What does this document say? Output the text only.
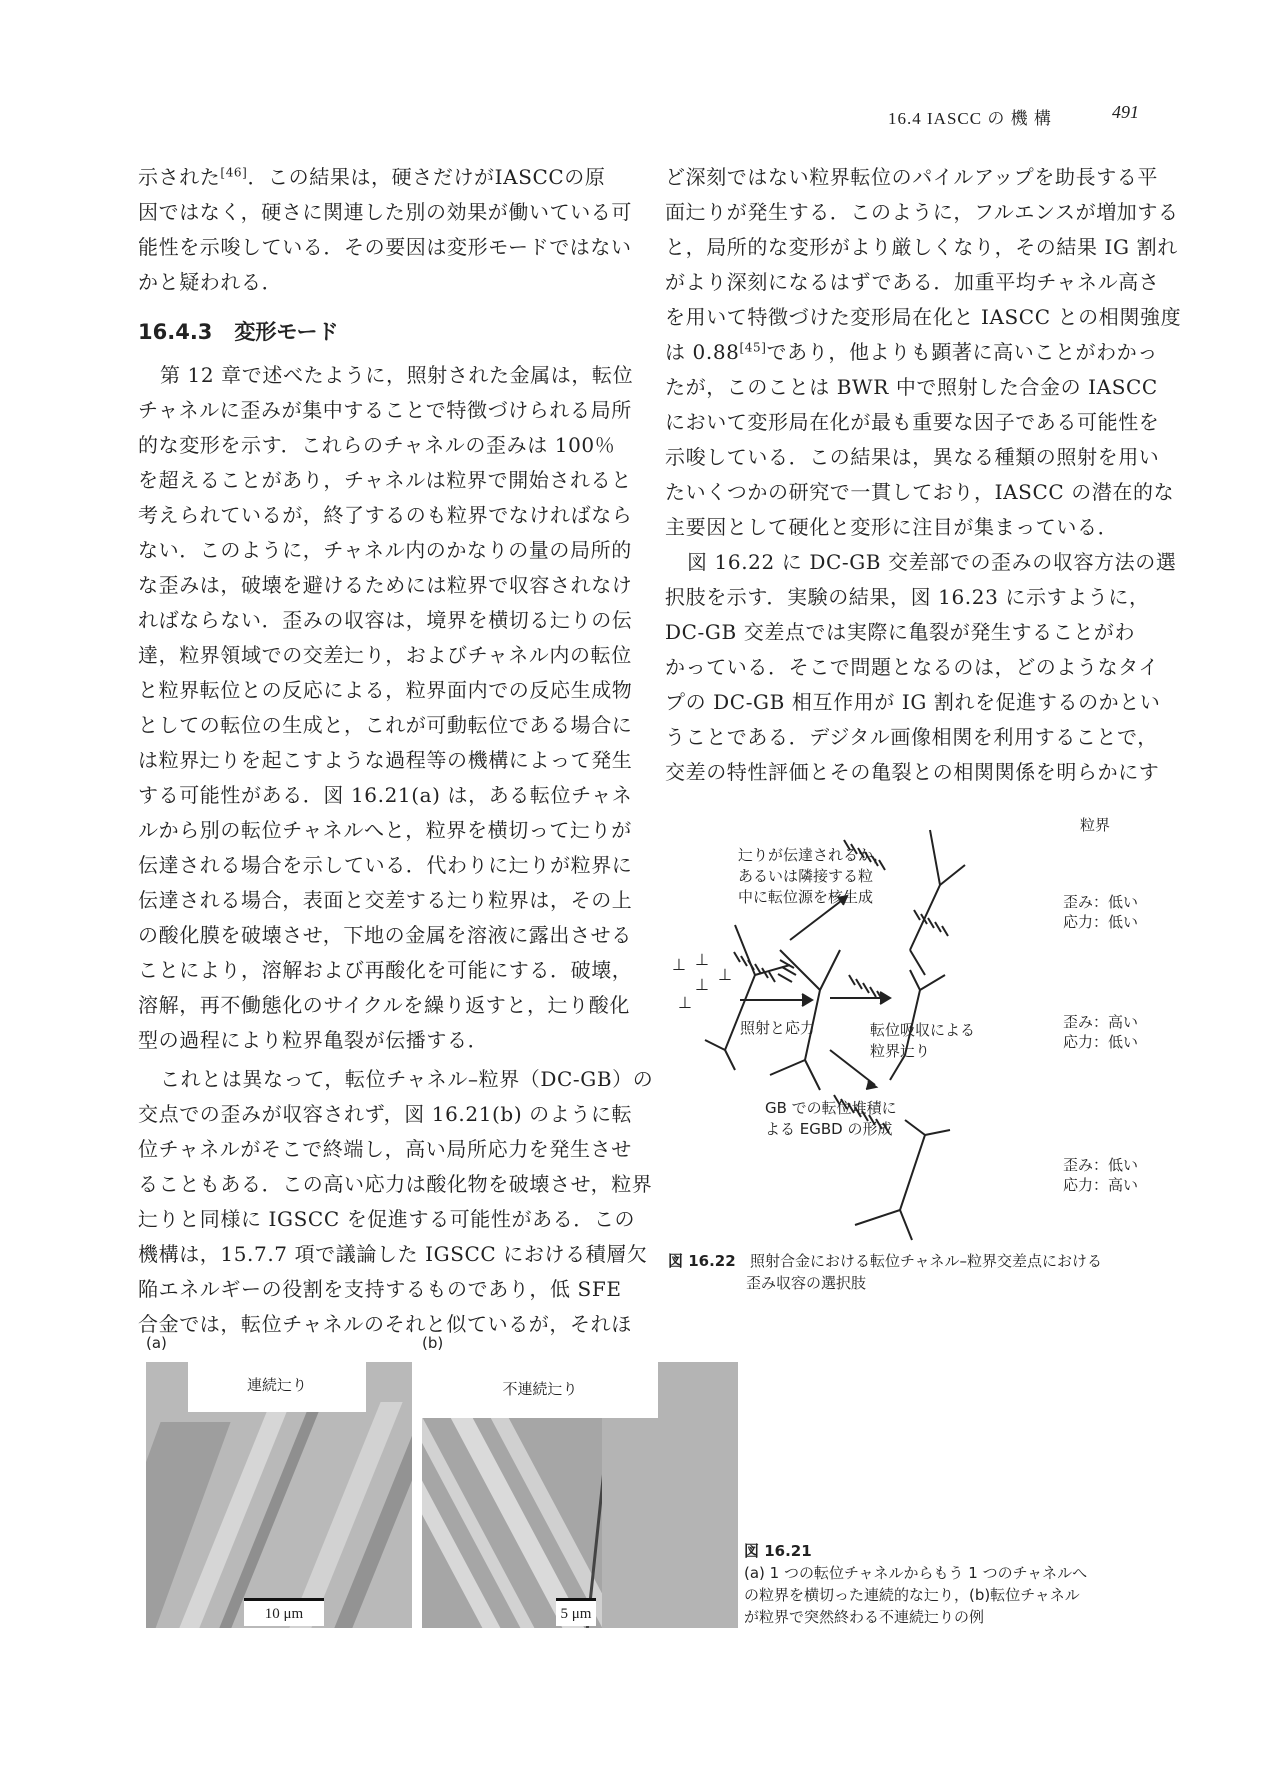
16.4 IASCC の 機 構	491
示された[46]．この結果は，硬さだけがIASCCの原
因ではなく，硬さに関連した別の効果が働いている可
能性を示唆している．その要因は変形モードではない
かと疑われる．
16.4.3 変形モード
第 12 章で述べたように，照射された金属は，転位
チャネルに歪みが集中することで特徴づけられる局所
的な変形を示す．これらのチャネルの歪みは 100％
を超えることがあり，チャネルは粒界で開始されると
考えられているが，終了するのも粒界でなければなら
ない．このように，チャネル内のかなりの量の局所的
な歪みは，破壊を避けるためには粒界で収容されなけ
ればならない．歪みの収容は，境界を横切る辷りの伝
達，粒界領域での交差辷り，およびチャネル内の転位
と粒界転位との反応による，粒界面内での反応生成物
としての転位の生成と，これが可動転位である場合に
は粒界辷りを起こすような過程等の機構によって発生
する可能性がある．図 16.21(a) は，ある転位チャネ
ルから別の転位チャネルへと，粒界を横切って辷りが
伝達される場合を示している．代わりに辷りが粒界に
伝達される場合，表面と交差する辷り粒界は，その上
の酸化膜を破壊させ，下地の金属を溶液に露出させる
ことにより，溶解および再酸化を可能にする．破壊，
溶解，再不働態化のサイクルを繰り返すと，辷り酸化
型の過程により粒界亀裂が伝播する．
これとは異なって，転位チャネル–粒界（DC-GB）の
交点での歪みが収容されず，図 16.21(b) のように転
位チャネルがそこで終端し，高い局所応力を発生させ
ることもある．この高い応力は酸化物を破壊させ，粒界
辷りと同様に IGSCC を促進する可能性がある．この
機構は，15.7.7 項で議論した IGSCC における積層欠
陥エネルギーの役割を支持するものであり，低 SFE
合金では，転位チャネルのそれと似ているが，それほ
ど深刻ではない粒界転位のパイルアップを助長する平
面辷りが発生する．このように，フルエンスが増加する
と，局所的な変形がより厳しくなり，その結果 IG 割れ
がより深刻になるはずである．加重平均チャネル高さ
を用いて特徴づけた変形局在化と IASCC との相関強度
は 0.88[45]であり，他よりも顕著に高いことがわかっ
たが，このことは BWR 中で照射した合金の IASCC
において変形局在化が最も重要な因子である可能性を
示唆している．この結果は，異なる種類の照射を用い
たいくつかの研究で一貫しており，IASCC の潜在的な
主要因として硬化と変形に注目が集まっている．
図 16.22 に DC-GB 交差部での歪みの収容方法の選
択肢を示す．実験の結果，図 16.23 に示すように，
DC-GB 交差点では実際に亀裂が発生することがわ
かっている．そこで問題となるのは，どのようなタイ
プの DC-GB 相互作用が IG 割れを促進するのかとい
うことである．デジタル画像相関を利用することで，
交差の特性評価とその亀裂との相関関係を明らかにす
⊥ ⊥
⊥
⊥
⊥
粒界
辷りが伝達されるか，
あるいは隣接する粒
中に転位源を核生成
照射と応力	転位吸収による
粒界辷り
GB での転位堆積に
よる EGBD の形成
歪み：低い
応力：低い
歪み：高い
応力：低い
歪み：低い
応力：高い
図 16.22 照射合金における転位チャネル–粒界交差点における
歪み収容の選択肢
(a)
連続辷り
10 μm
(b)
不連続辷り
5 μm
図 16.21
(a) 1 つの転位チャネルからもう 1 つのチャネルへ
の粒界を横切った連続的な辷り，(b)転位チャネル
が粒界で突然終わる不連続辷りの例
